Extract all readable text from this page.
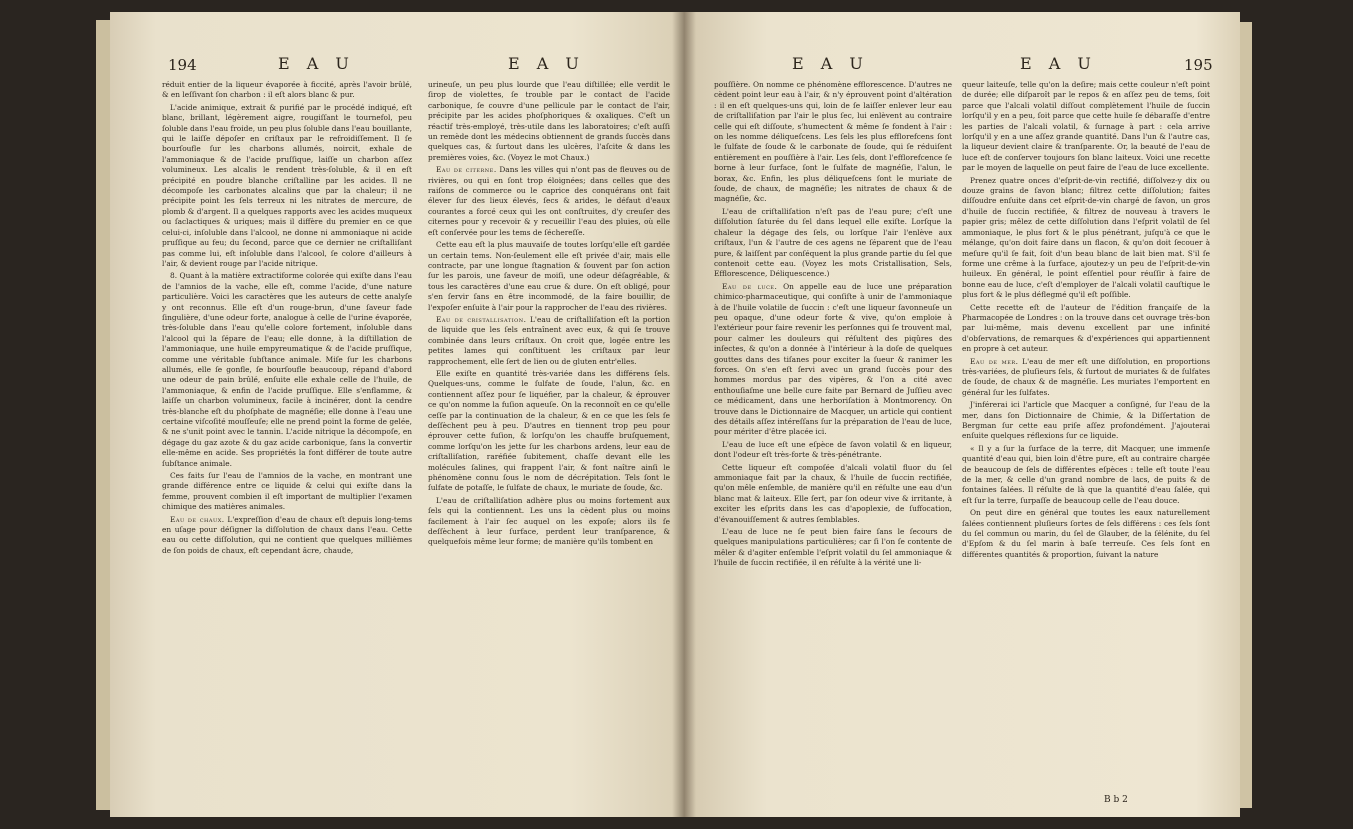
194	E A U	E A U

réduit entier de la liqueur évaporée à ficcité, après l'avoir brûlé, & en leſſivant ſon charbon : il eſt alors blanc & pur.

L'acide animique, extrait & purifié par le procédé indiqué, eſt blanc, brillant, légèrement aigre, rougiſſant le tournefol, peu ſoluble dans l'eau froide, un peu plus ſoluble dans l'eau bouillante, qui le laiſſe dépoſer en criſtaux par le refroidiſſement. Il ſe bourſoufle ſur les charbons allumés, noircit, exhale de l'ammoniaque & de l'acide pruſſique, laiſſe un charbon aſſez volumineux. Les alcalis le rendent très-ſoluble, & il en eſt précipité en poudre blanche criſtalline par les acides. Il ne décompoſe les carbonates alcalins que par la chaleur; il ne précipite point les ſels terreux ni les nitrates de mercure, de plomb & d'argent. Il a quelques rapports avec les acides muqueux ou ſaclactiques & uriques; mais il diffère du premier en ce que celui-ci, inſoluble dans l'alcool, ne donne ni ammoniaque ni acide pruſſique au feu; du ſecond, parce que ce dernier ne criſtalliſant pas comme lui, eſt inſoluble dans l'alcool, ſe colore d'ailleurs à l'air, & devient rouge par l'acide nitrique.

8. Quant à la matière extractiforme colorée qui exiſte dans l'eau de l'amnios de la vache, elle eſt, comme l'acide, d'une nature particulière. Voici les caractères que les auteurs de cette analyſe y ont reconnus. Elle eſt d'un rouge-brun, d'une ſaveur fade ſingulière, d'une odeur forte, analogue à celle de l'urine évaporée, très-ſoluble dans l'eau qu'elle colore fortement, inſoluble dans l'alcool qui la ſépare de l'eau; elle donne, à la diſtillation de l'ammoniaque, une huile empyreumatique & de l'acide pruſſique, comme une véritable ſubſtance animale. Miſe ſur les charbons allumés, elle ſe gonfle, ſe bourſoufle beaucoup, répand d'abord une odeur de pain brûlé, enſuite elle exhale celle de l'huile, de l'ammoniaque, & enfin de l'acide pruſſique. Elle s'enflamme, & laiſſe un charbon volumineux, facile à incinérer, dont la cendre très-blanche eſt du phoſphate de magnéſie; elle donne à l'eau une certaine viſcoſité mouſſeuſe; elle ne prend point la forme de gelée, & ne s'unit point avec le tannin. L'acide nitrique la décompoſe, en dégage du gaz azote & du gaz acide carbonique, ſans la convertir elle-même en acide. Ses propriétés la font différer de toute autre ſubſtance animale.

Ces faits ſur l'eau de l'amnios de la vache, en montrant une grande différence entre ce liquide & celui qui exiſte dans la femme, prouvent combien il eſt important de multiplier l'examen chimique des matières animales.

Eau de chaux. L'expreſſion d'eau de chaux eſt depuis long-tems en uſage pour déſigner la diſſolution de chaux dans l'eau. Cette eau ou cette diſſolution, qui ne contient que quelques millièmes de ſon poids de chaux, eſt cependant âcre, chaude,

urineuſe, un peu plus lourde que l'eau diſtillée; elle verdit le ſirop de violettes, ſe trouble par le contact de l'acide carbonique, ſe couvre d'une pellicule par le contact de l'air, précipite par les acides phoſphoriques & oxaliques. C'eſt un réactif très-employé, très-utile dans les laboratoires; c'eſt auſſi un remède dont les médecins obtiennent de grands ſuccès dans quelques cas, & ſurtout dans les ulcères, l'aſcite & dans les premières voies, &c. (Voyez le mot Chaux.)

Eau de citerne. Dans les villes qui n'ont pas de fleuves ou de rivières, ou qui en ſont trop éloignées; dans celles que des raiſons de commerce ou le caprice des conquérans ont fait élever ſur des lieux élevés, ſecs & arides, le défaut d'eaux courantes a forcé ceux qui les ont conſtruites, d'y creuſer des citernes pour y recevoir & y recueillir l'eau des pluies, où elle eſt conſervée pour les tems de ſéchereſſe.

Cette eau eſt la plus mauvaiſe de toutes lorſqu'elle eſt gardée un certain tems. Non-ſeulement elle eſt privée d'air, mais elle contracte, par une longue ſtagnation & ſouvent par ſon action ſur les parois, une ſaveur de moiſi, une odeur déſagréable, & tous les caractères d'une eau crue & dure. On eſt obligé, pour s'en ſervir ſans en être incommodé, de la faire bouillir, de l'expoſer enſuite à l'air pour la rapprocher de l'eau des rivières.

Eau de cristallisation. L'eau de criſtalliſation eſt la portion de liquide que les ſels entraînent avec eux, & qui ſe trouve combinée dans leurs criſtaux. On croit que, logée entre les petites lames qui conſtituent les criſtaux par leur rapprochement, elle ſert de lien ou de gluten entr'elles.

Elle exiſte en quantité très-variée dans les différens ſels. Quelques-uns, comme le ſulfate de ſoude, l'alun, &c. en contiennent aſſez pour ſe liquéfier, par la chaleur, & éprouver ce qu'on nomme la fuſion aqueuſe. On la reconnoît en ce qu'elle ceſſe par la continuation de la chaleur, & en ce que les ſels ſe deſſèchent peu à peu. D'autres en tiennent trop peu pour éprouver cette fuſion, & lorſqu'on les chauffe bruſquement, comme lorſqu'on les jette ſur les charbons ardens, leur eau de criſtalliſation, raréfiée ſubitement, chaſſe devant elle les molécules ſalines, qui frappent l'air, & font naître ainſi le phénomène connu ſous le nom de décrépitation. Tels ſont le ſulfate de potaſſe, le ſulfate de chaux, le muriate de ſoude, &c.

L'eau de criſtalliſation adhère plus ou moins fortement aux ſels qui la contiennent. Les uns la cèdent plus ou moins facilement à l'air ſec auquel on les expoſe; alors ils ſe deſſèchent à leur ſurface, perdent leur tranſparence, & quelquefois même leur forme; de manière qu'ils tombent en

E A U	E A U	195

pouſſière. On nomme ce phénomène efflorescence. D'autres ne cèdent point leur eau à l'air, & n'y éprouvent point d'altération : il en eſt quelques-uns qui, loin de ſe laiſſer enlever leur eau de criſtalliſation par l'air le plus ſec, lui enlèvent au contraire celle qui eſt diſſoute, s'humectent & même ſe fondent à l'air : on les nomme déliqueſcens. Les ſels les plus efflorefcens ſont le ſulfate de ſoude & le carbonate de ſoude, qui ſe réduiſent entièrement en pouſſière à l'air. Les ſels, dont l'efflorefcence ſe borne à leur ſurface, ſont le ſulfate de magnéſie, l'alun, le borax, &c. Enfin, les plus déliqueſcens ſont le muriate de ſoude, de chaux, de magnéſie; les nitrates de chaux & de magnéſie, &c.

L'eau de criſtalliſation n'eſt pas de l'eau pure; c'eſt une diſſolution ſaturée du ſel dans lequel elle exiſte. Lorſque la chaleur la dégage des ſels, ou lorſque l'air l'enlève aux criſtaux, l'un & l'autre de ces agens ne ſéparent que de l'eau pure, & laiſſent par conſéquent la plus grande partie du ſel que contenoit cette eau. (Voyez les mots Cristallisation, Sels, Efflorescence, Déliquescence.)

Eau de luce. On appelle eau de luce une préparation chimico-pharmaceutique, qui conſiſte à unir de l'ammoniaque à de l'huile volatile de ſuccin : c'eſt une liqueur ſavonneuſe un peu opaque, d'une odeur forte & vive, qu'on emploie à l'extérieur pour faire revenir les perſonnes qui ſe trouvent mal, pour calmer les douleurs qui réſultent des piqûres des inſectes, & qu'on a donnée à l'intérieur à la doſe de quelques gouttes dans des tiſanes pour exciter la ſueur & ranimer les forces. On s'en eſt ſervi avec un grand ſuccès pour des hommes mordus par des vipères, & l'on a cité avec enthouſiaſme une belle cure faite par Bernard de Juſſieu avec ce médicament, dans une herboriſation à Montmorency. On trouve dans le Dictionnaire de Macquer, un article qui contient des détails aſſez intéreſſans ſur la préparation de l'eau de luce, pour mériter d'être placée ici.

L'eau de luce eſt une eſpèce de ſavon volatil & en liqueur, dont l'odeur eſt très-forte & très-pénétrante.

Cette liqueur eſt compoſée d'alcali volatil fluor du ſel ammoniaque fait par la chaux, & l'huile de ſuccin rectifiée, qu'on mêle enſemble, de manière qu'il en réſulte une eau d'un blanc mat & laiteux. Elle ſert, par ſon odeur vive & irritante, à exciter les eſprits dans les cas d'apoplexie, de ſuffocation, d'évanouiſſement & autres ſemblables.

L'eau de luce ne ſe peut bien faire ſans le ſecours de quelques manipulations particulières; car ſi l'on ſe contente de mêler & d'agiter enſemble l'eſprit volatil du ſel ammoniaque & l'huile de ſuccin rectifiée, il en réſulte à la vérité une li-

queur laiteuſe, telle qu'on la deſire; mais cette couleur n'eſt point de durée; elle diſparoît par le repos & en aſſez peu de tems, ſoit parce que l'alcali volatil diſſout complètement l'huile de ſuccin lorſqu'il y en a peu, ſoit parce que cette huile ſe débaraſſe d'entre les parties de l'alcali volatil, & ſurnage à part : cela arrive lorſqu'il y en a une aſſez grande quantité. Dans l'un & l'autre cas, la liqueur devient claire & tranſparente. Or, la beauté de l'eau de luce eſt de conſerver toujours ſon blanc laiteux. Voici une recette par le moyen de laquelle on peut faire de l'eau de luce excellente.

Prenez quatre onces d'eſprit-de-vin rectifié, diſſolvez-y dix ou douze grains de ſavon blanc; filtrez cette diſſolution; faites diſſoudre enſuite dans cet eſprit-de-vin chargé de ſavon, un gros d'huile de ſuccin rectifiée, & filtrez de nouveau à travers le papier gris; mêlez de cette diſſolution dans l'eſprit volatil de ſel ammoniaque, le plus fort & le plus pénétrant, juſqu'à ce que le mélange, qu'on doit faire dans un flacon, & qu'on doit ſecouer à meſure qu'il ſe fait, ſoit d'un beau blanc de lait bien mat. S'il ſe forme une crême à la ſurface, ajoutez-y un peu de l'eſprit-de-vin huileux. En général, le point eſſentiel pour réuſſir à faire de bonne eau de luce, c'eſt d'employer de l'alcali volatil cauſtique le plus fort & le plus déflegmé qu'il eſt poſſible.

Cette recette eſt de l'auteur de l'édition françaiſe de la Pharmacopée de Londres : on la trouve dans cet ouvrage très-bon par lui-même, mais devenu excellent par une infinité d'obſervations, de remarques & d'expériences qui appartiennent en propre à cet auteur.

Eau de mer. L'eau de mer eſt une diſſolution, en proportions très-variées, de pluſieurs ſels, & ſurtout de muriates & de ſulfates de ſoude, de chaux & de magnéſie. Les muriates l'emportent en général ſur les ſulfates.

J'inférerai ici l'article que Macquer a conſigné, ſur l'eau de la mer, dans ſon Dictionnaire de Chimie, & la Diſſertation de Bergman ſur cette eau priſe aſſez profondément. J'ajouterai enſuite quelques réflexions ſur ce liquide.

« Il y a ſur la ſurface de la terre, dit Macquer, une immenſe quantité d'eau qui, bien loin d'être pure, eſt au contraire chargée de beaucoup de ſels de différentes eſpèces : telle eſt toute l'eau de la mer, & celle d'un grand nombre de lacs, de puits & de fontaines ſalées. Il réſulte de là que la quantité d'eau ſalée, qui eſt ſur la terre, ſurpaſſe de beaucoup celle de l'eau douce.

On peut dire en général que toutes les eaux naturellement ſalées contiennent pluſieurs ſortes de ſels différens : ces ſels ſont du ſel commun ou marin, du ſel de Glauber, de la ſélénite, du ſel d'Epſom & du ſel marin à baſe terreuſe. Ces ſels ſont en différentes quantités & proportion, ſuivant la nature

B b 2
